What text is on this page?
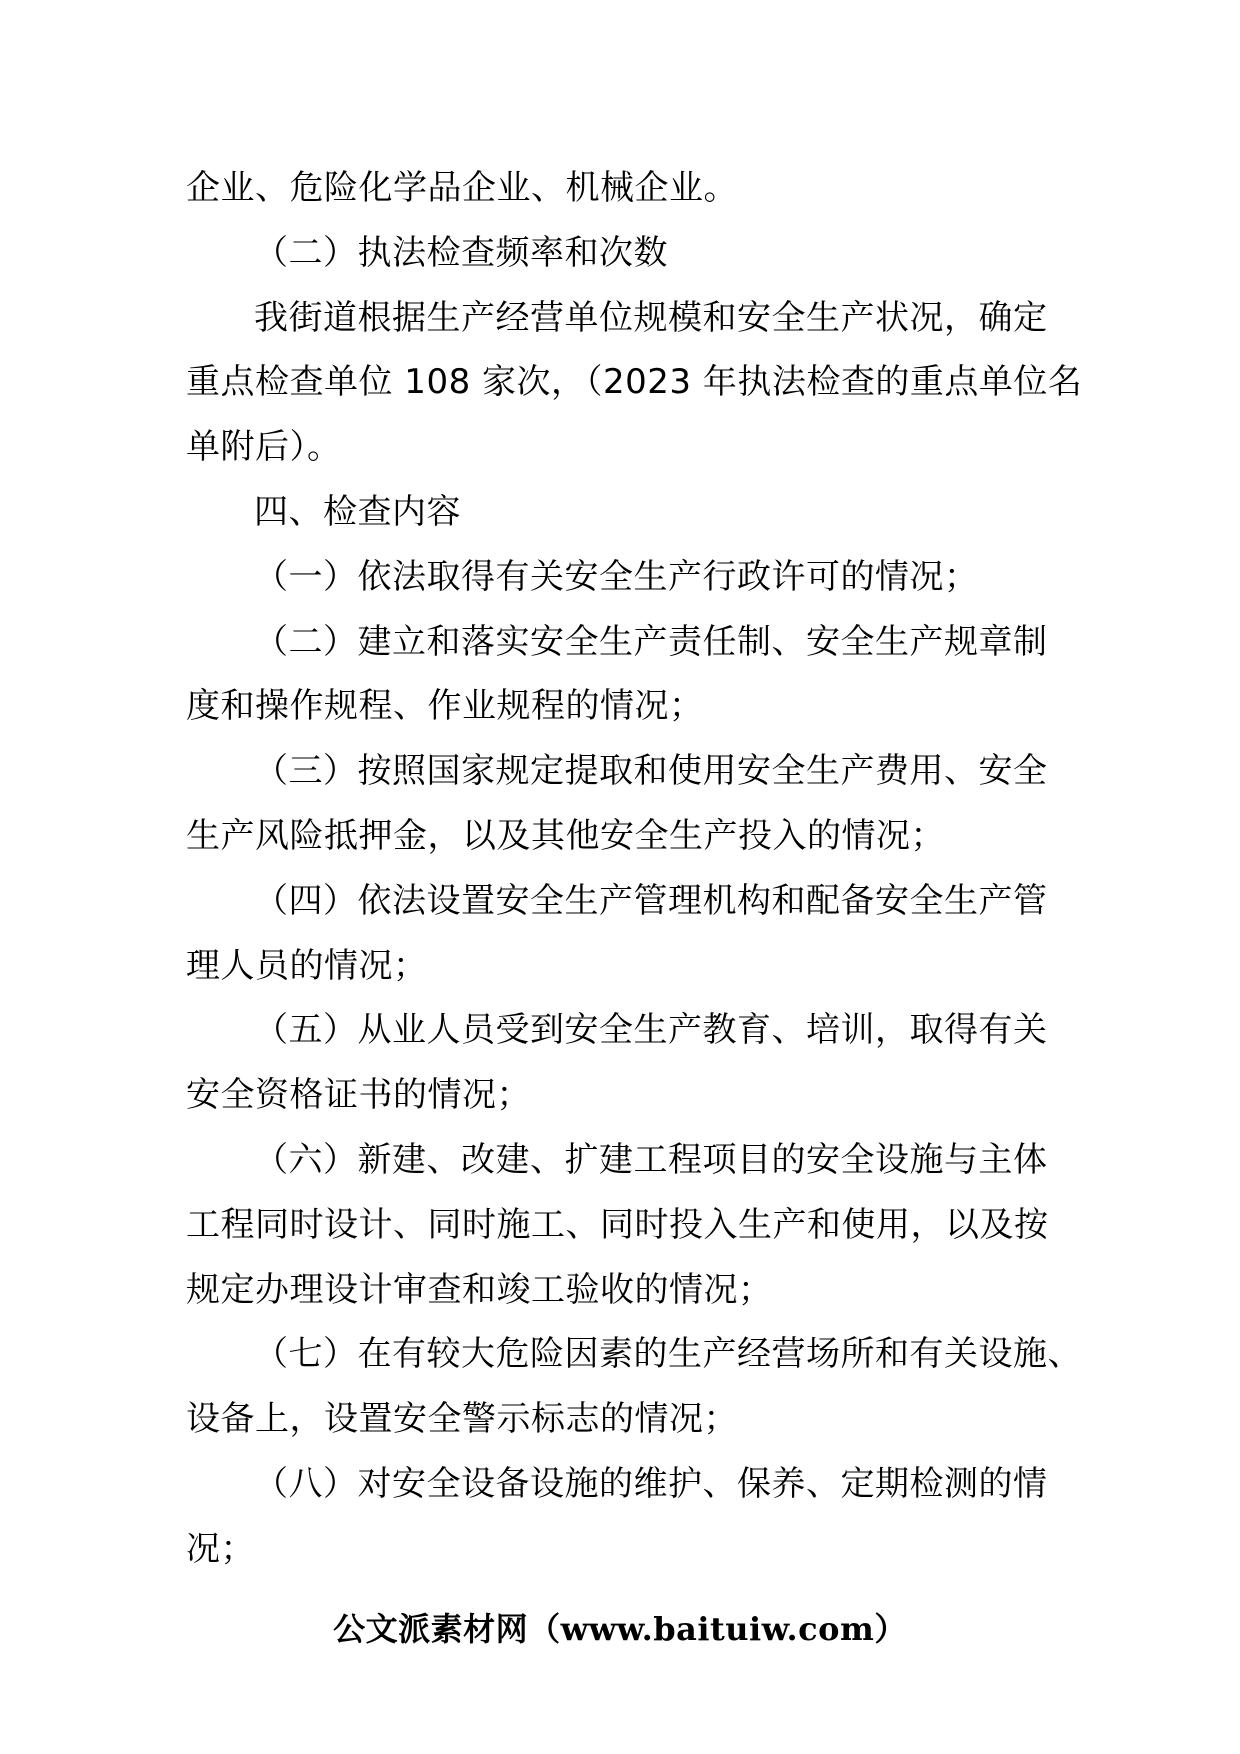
企业、危险化学品企业、机械企业。
（二）执法检查频率和次数
我街道根据生产经营单位规模和安全生产状况，确定
重点检查单位 108 家次，（2023 年执法检查的重点单位名
单附后）。
四、检查内容
（一）依法取得有关安全生产行政许可的情况；
（二）建立和落实安全生产责任制、安全生产规章制
度和操作规程、作业规程的情况；
（三）按照国家规定提取和使用安全生产费用、安全
生产风险抵押金，以及其他安全生产投入的情况；
（四）依法设置安全生产管理机构和配备安全生产管
理人员的情况；
（五）从业人员受到安全生产教育、培训，取得有关
安全资格证书的情况；
（六）新建、改建、扩建工程项目的安全设施与主体
工程同时设计、同时施工、同时投入生产和使用，以及按
规定办理设计审查和竣工验收的情况；
（七）在有较大危险因素的生产经营场所和有关设施、
设备上，设置安全警示标志的情况；
（八）对安全设备设施的维护、保养、定期检测的情
况；
公文派素材网（www.baituiw.com）
